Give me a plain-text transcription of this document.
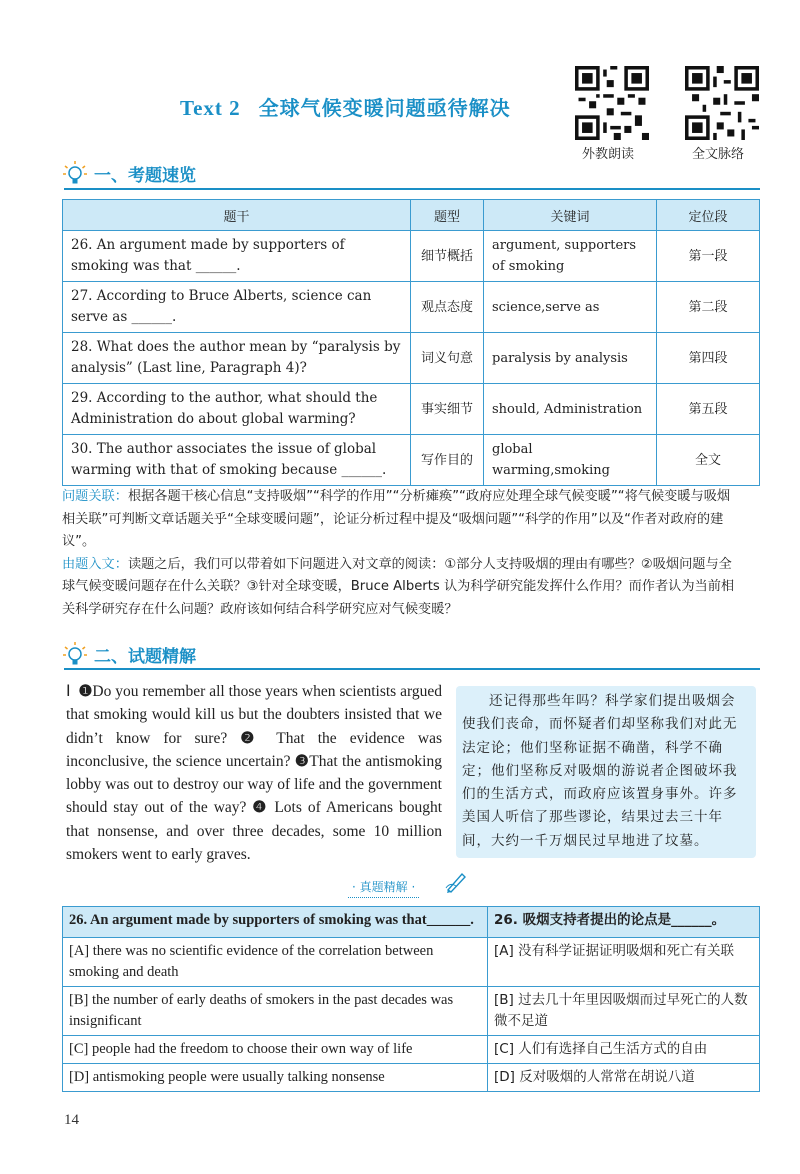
Text 2 全球气候变暖问题亟待解决
外教朗读	全文脉络
一、考题速览
题干	题型	关键词	定位段
26. An argument made by supporters of smoking was that ______.	细节概括	argument, supporters of smoking	第一段
27. According to Bruce Alberts, science can serve as ______.	观点态度	science,serve as	第二段
28. What does the author mean by “paralysis by analysis” (Last line, Paragraph 4)?	词义句意	paralysis by analysis	第四段
29. According to the author, what should the Administration do about global warming?	事实细节	should, Administration	第五段
30. The author associates the issue of global warming with that of smoking because ______.	写作目的	global warming,smoking	全文

问题关联：根据各题干核心信息“支持吸烟”“科学的作用”“分析瘫痪”“政府应处理全球气候变暖”“将气候变暖与吸烟相关联”可判断文章话题关乎“全球变暖问题”，论证分析过程中提及“吸烟问题”“科学的作用”以及“作者对政府的建议”。

由题入文：读题之后，我们可以带着如下问题进入对文章的阅读：①部分人支持吸烟的理由有哪些？②吸烟问题与全球气候变暖问题存在什么关联？③针对全球变暖，Bruce Alberts 认为科学研究能发挥什么作用？而作者认为当前相关科学研究存在什么问题？政府该如何结合科学研究应对气候变暖？

二、试题精解
Ⅰ ❶Do you remember all those years when scientists argued that smoking would kill us but the doubters insisted that we didn’t know for sure? ❷ That the evidence was inconclusive, the science uncertain? ❸That the antismoking lobby was out to destroy our way of life and the government should stay out of the way? ❹ Lots of Americans bought that nonsense, and over three decades, some 10 million smokers went to early graves.
还记得那些年吗？科学家们提出吸烟会使我们丧命，而怀疑者们却坚称我们对此无法定论；他们坚称证据不确凿，科学不确定；他们坚称反对吸烟的游说者企图破坏我们的生活方式，而政府应该置身事外。许多美国人听信了那些谬论，结果过去三十年间，大约一千万烟民过早地进了坟墓。
· 真题精解 ·
26. An argument made by supporters of smoking was that______.	26. 吸烟支持者提出的论点是______。
[A] there was no scientific evidence of the correlation between smoking and death	[A] 没有科学证据证明吸烟和死亡有关联
[B] the number of early deaths of smokers in the past decades was insignificant	[B] 过去几十年里因吸烟而过早死亡的人数微不足道
[C] people had the freedom to choose their own way of life	[C] 人们有选择自己生活方式的自由
[D] antismoking people were usually talking nonsense	[D] 反对吸烟的人常常在胡说八道
14
